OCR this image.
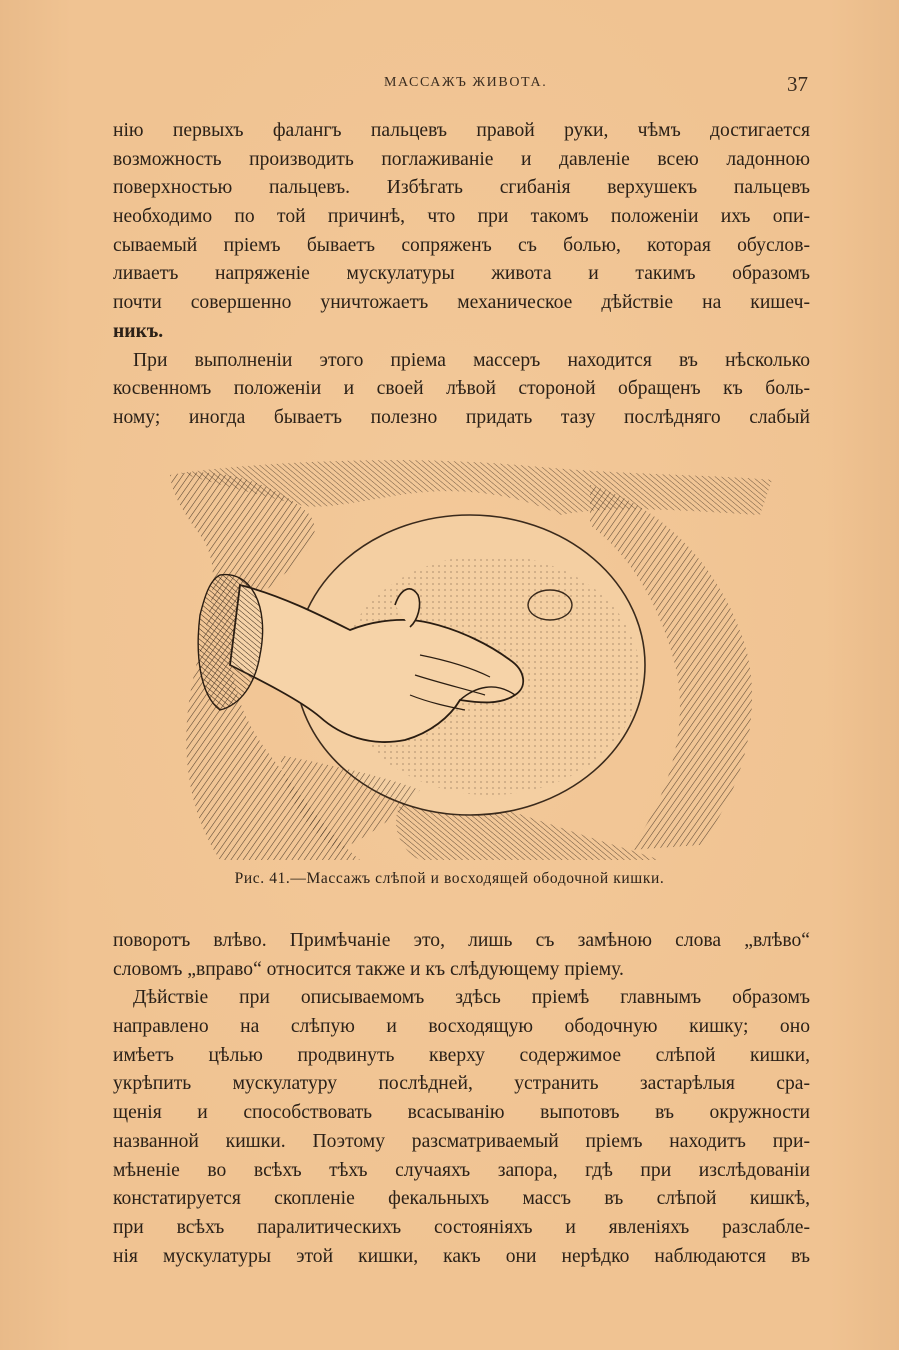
МАССАЖЪ ЖИВОТА.	37
нію первыхъ фалангъ пальцевъ правой руки, чѣмъ достигается
возможность производить поглаживаніе и давленіе всею ладонною
поверхностью пальцевъ. Избѣгать сгибанія верхушекъ пальцевъ
необходимо по той причинѣ, что при такомъ положеніи ихъ опи-
сываемый пріемъ бываетъ сопряженъ съ болью, которая обуслов-
ливаетъ напряженіе мускулатуры живота и такимъ образомъ
почти совершенно уничтожаетъ механическое дѣйствіе на кишеч-
никъ.
При выполненіи этого пріема массеръ находится въ нѣсколько
косвенномъ положеніи и своей лѣвой стороной обращенъ къ боль-
ному; иногда бываетъ полезно придать тазу послѣдняго слабый
Рис. 41.—Массажъ слѣпой и восходящей ободочной кишки.
поворотъ влѣво. Примѣчаніе это, лишь съ замѣною слова „влѣво“
словомъ „вправо“ относится также и къ слѣдующему пріему.
Дѣйствіе при описываемомъ здѣсь пріемѣ главнымъ образомъ
направлено на слѣпую и восходящую ободочную кишку; оно
имѣетъ цѣлью продвинуть кверху содержимое слѣпой кишки,
укрѣпить мускулатуру послѣдней, устранить застарѣлыя сра-
щенія и способствовать всасыванію выпотовъ въ окружности
названной кишки. Поэтому разсматриваемый пріемъ находитъ при-
мѣненіе во всѣхъ тѣхъ случаяхъ запора, гдѣ при изслѣдованіи
констатируется скопленіе фекальныхъ массъ въ слѣпой кишкѣ,
при всѣхъ паралитическихъ состояніяхъ и явленіяхъ разслабле-
нія мускулатуры этой кишки, какъ они нерѣдко наблюдаются въ
